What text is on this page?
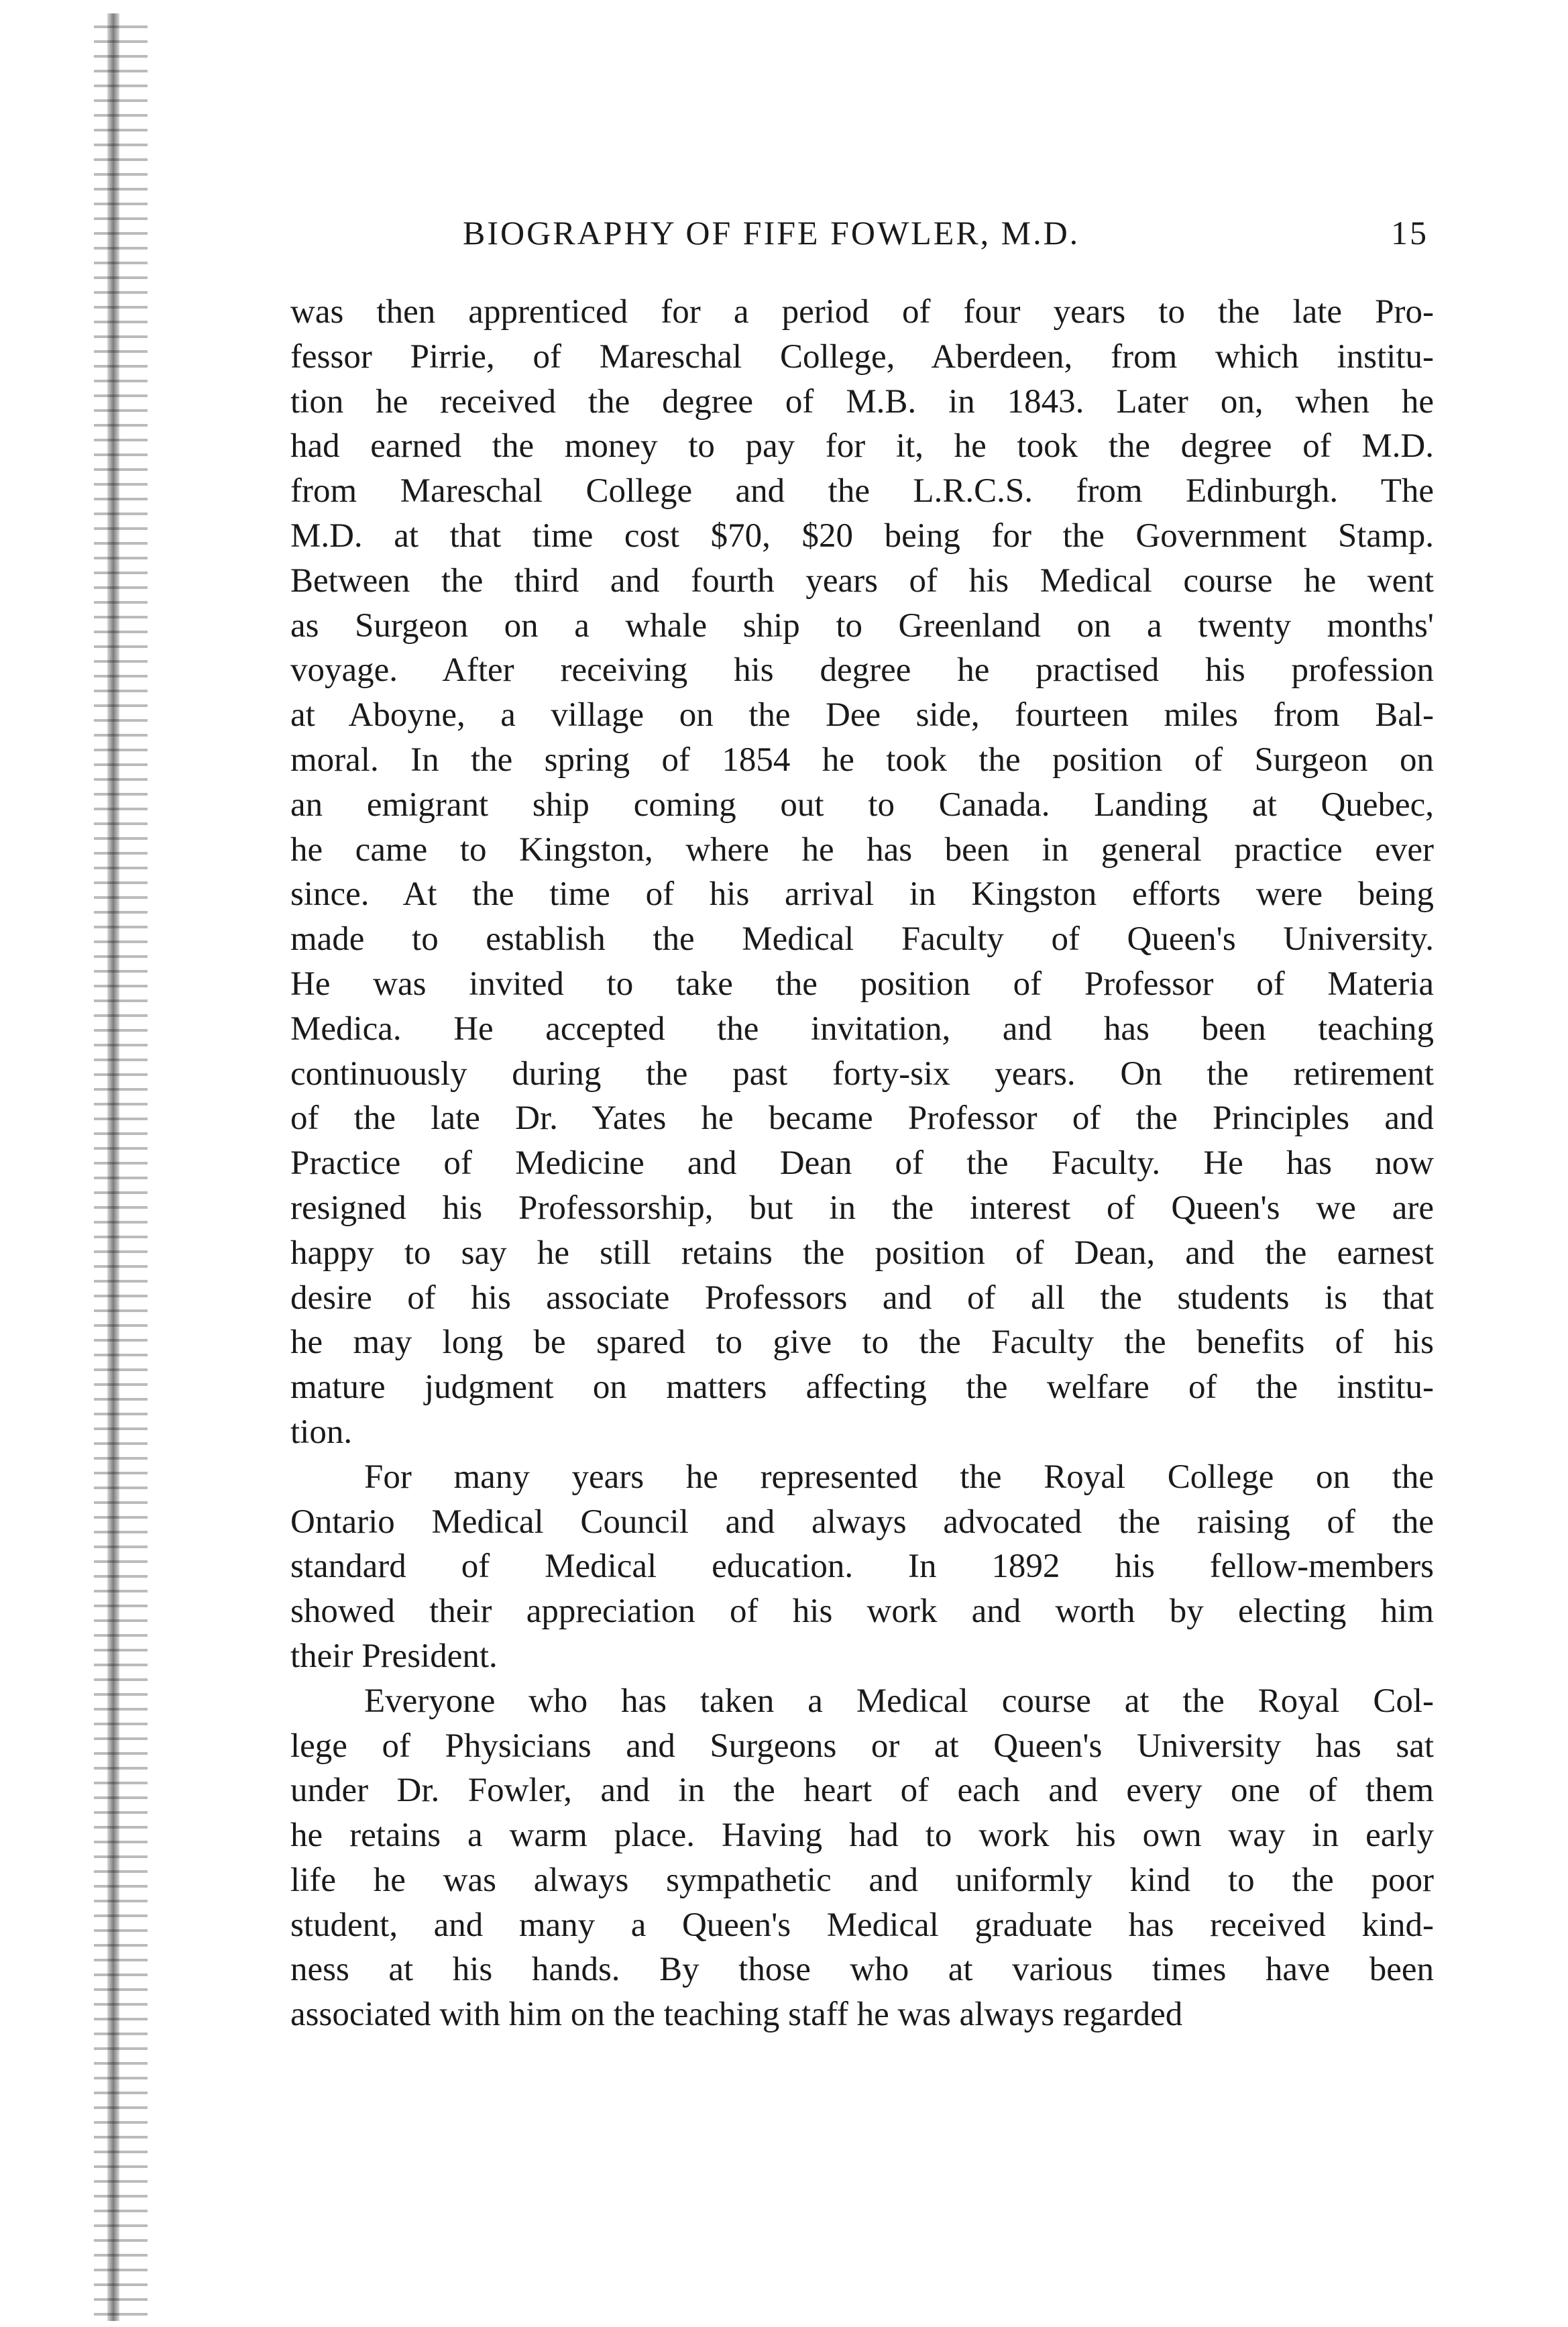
BIOGRAPHY OF FIFE FOWLER, M.D.	15
was then apprenticed for a period of four years to the late Pro-
fessor Pirrie, of Mareschal College, Aberdeen, from which institu-
tion he received the degree of M.B. in 1843. Later on, when he
had earned the money to pay for it, he took the degree of M.D.
from Mareschal College and the L.R.C.S. from Edinburgh. The
M.D. at that time cost $70, $20 being for the Government Stamp.
Between the third and fourth years of his Medical course he went
as Surgeon on a whale ship to Greenland on a twenty months'
voyage. After receiving his degree he practised his profession
at Aboyne, a village on the Dee side, fourteen miles from Bal-
moral. In the spring of 1854 he took the position of Surgeon on
an emigrant ship coming out to Canada. Landing at Quebec,
he came to Kingston, where he has been in general practice ever
since. At the time of his arrival in Kingston efforts were being
made to establish the Medical Faculty of Queen's University.
He was invited to take the position of Professor of Materia
Medica. He accepted the invitation, and has been teaching
continuously during the past forty-six years. On the retirement
of the late Dr. Yates he became Professor of the Principles and
Practice of Medicine and Dean of the Faculty. He has now
resigned his Professorship, but in the interest of Queen's we are
happy to say he still retains the position of Dean, and the earnest
desire of his associate Professors and of all the students is that
he may long be spared to give to the Faculty the benefits of his
mature judgment on matters affecting the welfare of the institu-
tion.
For many years he represented the Royal College on the
Ontario Medical Council and always advocated the raising of the
standard of Medical education. In 1892 his fellow-members
showed their appreciation of his work and worth by electing him
their President.
Everyone who has taken a Medical course at the Royal Col-
lege of Physicians and Surgeons or at Queen's University has sat
under Dr. Fowler, and in the heart of each and every one of them
he retains a warm place. Having had to work his own way in early
life he was always sympathetic and uniformly kind to the poor
student, and many a Queen's Medical graduate has received kind-
ness at his hands. By those who at various times have been
associated with him on the teaching staff he was always regarded
